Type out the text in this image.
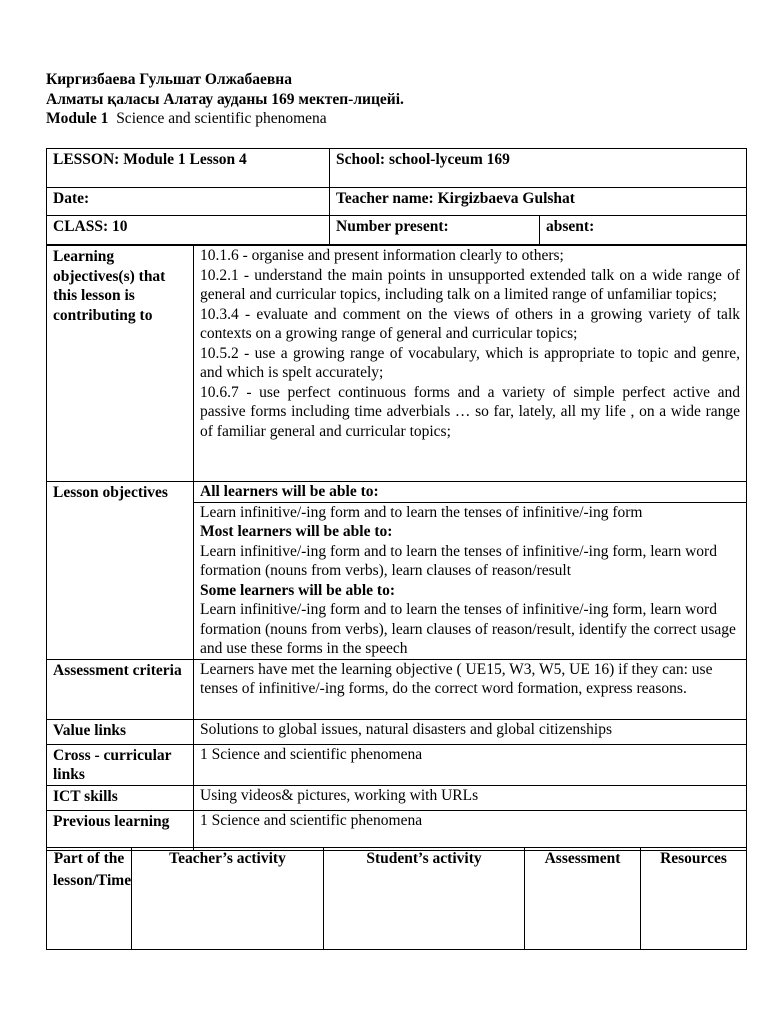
Киргизбаева Гульшат Олжабаевна
Алматы қаласы Алатау ауданы 169 мектеп-лицейі.
Module 1 Science and scientific phenomena
LESSON: Module 1 Lesson 4	School: school-lyceum 169	
Date:	Teacher name: Kirgizbaeva Gulshat	
CLASS: 10	Number present:	absent:
Learning objectives(s) that this lesson is contributing to	10.1.6 - organise and present information clearly to others;
10.2.1 - understand the main points in unsupported extended talk on a wide range of general and curricular topics, including talk on a limited range of unfamiliar topics;
10.3.4 - evaluate and comment on the views of others in a growing variety of talk contexts on a growing range of general and curricular topics;
10.5.2 - use a growing range of vocabulary, which is appropriate to topic and genre, and which is spelt accurately;
10.6.7 - use perfect continuous forms and a variety of simple perfect active and passive forms including time adverbials … so far, lately, all my life , on a wide range of familiar general and curricular topics;

Lesson objectives	All learners will be able to:

	Learn infinitive/-ing form and to learn the tenses of infinitive/-ing form
Most learners will be able to:
Learn infinitive/-ing form and to learn the tenses of infinitive/-ing form, learn word formation (nouns from verbs), learn clauses of reason/result
Some learners will be able to:
Learn infinitive/-ing form and to learn the tenses of infinitive/-ing form, learn word formation (nouns from verbs), learn clauses of reason/result, identify the correct usage and use these forms in the speech

Assessment criteria	Learners have met the learning objective ( UE15, W3, W5, UE 16) if they can: use tenses of infinitive/-ing forms, do the correct word formation, express reasons.
Value links	Solutions to global issues, natural disasters and global citizenships
Cross - curricular links	1 Science and scientific phenomena
ICT skills	Using videos& pictures, working with URLs
Previous learning	1 Science and scientific phenomena
Part of the lesson/Time	Teacher’s activity	Student’s activity	Assessment	Resources
